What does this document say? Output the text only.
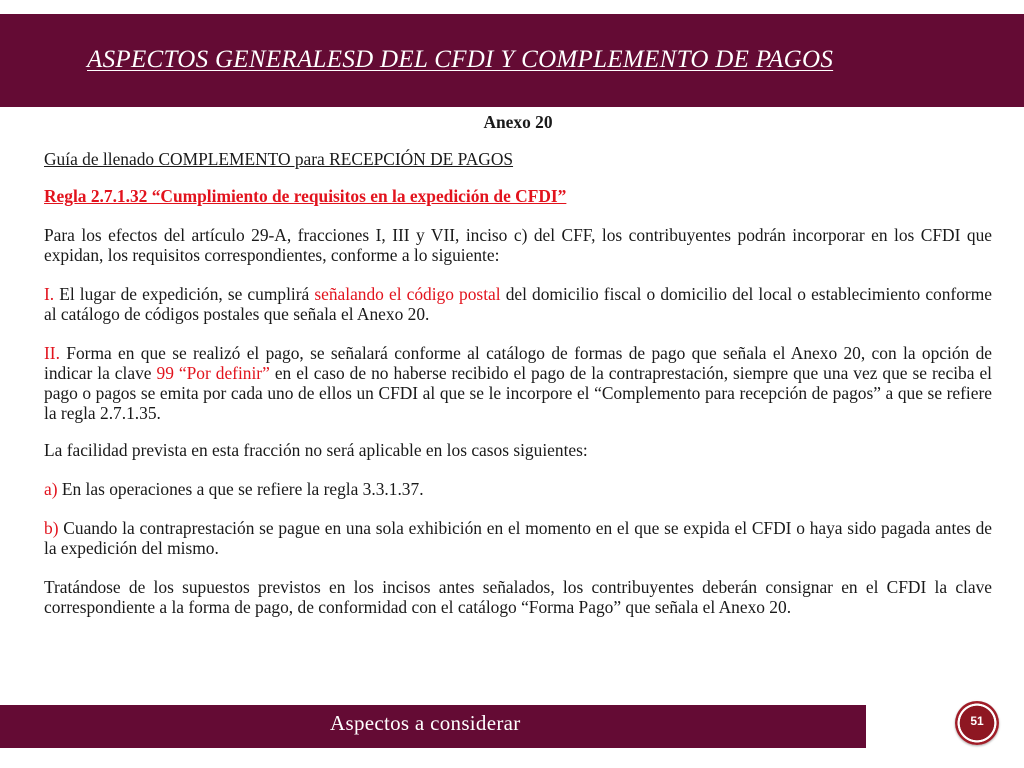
ASPECTOS GENERALESD DEL CFDI Y COMPLEMENTO DE PAGOS

Anexo 20

Guía de llenado COMPLEMENTO para RECEPCIÓN DE PAGOS

Regla 2.7.1.32 “Cumplimiento de requisitos en la expedición de CFDI”

Para los efectos del artículo 29-A, fracciones I, III y VII, inciso c) del CFF, los contribuyentes podrán incorporar en los CFDI que expidan, los requisitos correspondientes, conforme a lo siguiente:

I. El lugar de expedición, se cumplirá señalando el código postal del domicilio fiscal o domicilio del local o establecimiento conforme al catálogo de códigos postales que señala el Anexo 20.

II. Forma en que se realizó el pago, se señalará conforme al catálogo de formas de pago que señala el Anexo 20, con la opción de indicar la clave 99 “Por definir” en el caso de no haberse recibido el pago de la contraprestación, siempre que una vez que se reciba el pago o pagos se emita por cada uno de ellos un CFDI al que se le incorpore el “Complemento para recepción de pagos” a que se refiere la regla 2.7.1.35.

La facilidad prevista en esta fracción no será aplicable en los casos siguientes:

a) En las operaciones a que se refiere la regla 3.3.1.37.

b) Cuando la contraprestación se pague en una sola exhibición en el momento en el que se expida el CFDI o haya sido pagada antes de la expedición del mismo.

Tratándose de los supuestos previstos en los incisos antes señalados, los contribuyentes deberán consignar en el CFDI la clave correspondiente a la forma de pago, de conformidad con el catálogo “Forma Pago” que señala el Anexo 20.

Aspectos a considerar	51
